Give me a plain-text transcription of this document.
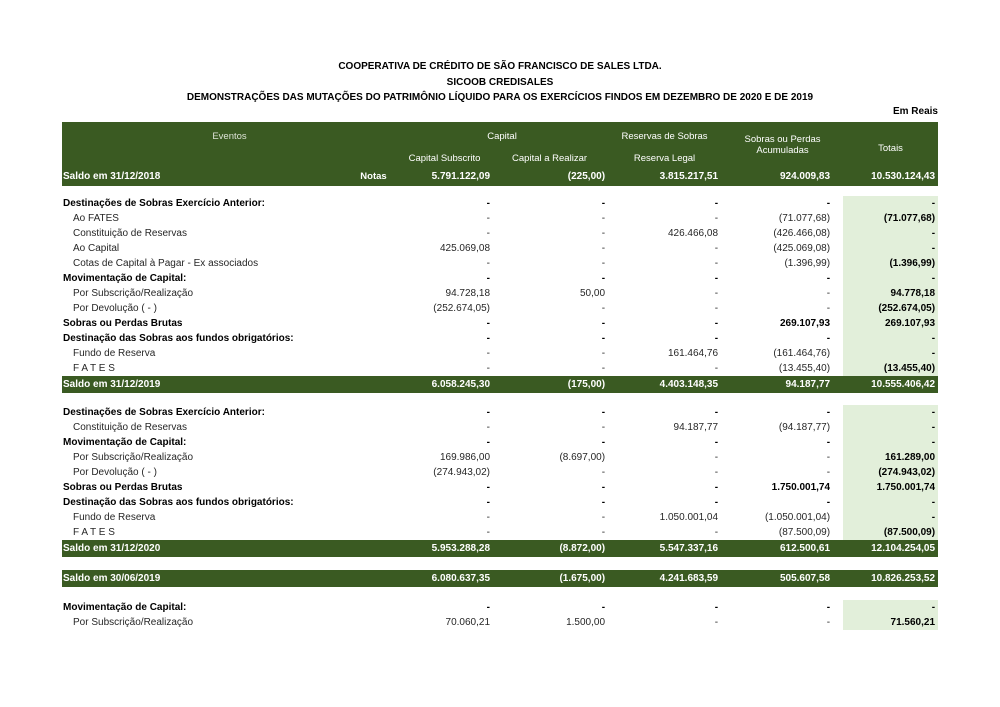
COOPERATIVA DE CRÉDITO DE SÃO FRANCISCO DE SALES LTDA.
SICOOB CREDISALES
DEMONSTRAÇÕES DAS MUTAÇÕES DO PATRIMÔNIO LÍQUIDO PARA OS EXERCÍCIOS FINDOS EM DEZEMBRO DE 2020 E DE 2019
Em Reais
Eventos		Capital		Reservas de Sobras	Sobras ou Perdas
Acumuladas	Totais
		Capital Subscrito	Capital a Realizar	Reserva Legal		
Saldo em 31/12/2018	Notas	5.791.122,09	(225,00)	3.815.217,51	924.009,83	10.530.124,43

Destinações de Sobras Exercício Anterior:		-	-	-	-	-
Ao FATES		-	-	-	(71.077,68)	(71.077,68)
Constituição de Reservas		-	-	426.466,08	(426.466,08)	-
Ao Capital		425.069,08	-	-	(425.069,08)	-
Cotas de Capital à Pagar - Ex associados		-	-	-	(1.396,99)	(1.396,99)
Movimentação de Capital:		-	-	-	-	-
Por Subscrição/Realização		94.728,18	50,00	-	-	94.778,18
Por Devolução ( - )		(252.674,05)	-	-	-	(252.674,05)
Sobras ou Perdas Brutas		-	-	-	269.107,93	269.107,93
Destinação das Sobras aos fundos obrigatórios:		-	-	-	-	-
Fundo de Reserva		-	-	161.464,76	(161.464,76)	-
F A T E S		-	-	-	(13.455,40)	(13.455,40)
Saldo em 31/12/2019		6.058.245,30	(175,00)	4.403.148,35	94.187,77	10.555.406,42

Destinações de Sobras Exercício Anterior:		-	-	-	-	-
Constituição de Reservas		-	-	94.187,77	(94.187,77)	-
Movimentação de Capital:		-	-	-	-	-
Por Subscrição/Realização		169.986,00	(8.697,00)	-	-	161.289,00
Por Devolução ( - )		(274.943,02)	-	-	-	(274.943,02)
Sobras ou Perdas Brutas		-	-	-	1.750.001,74	1.750.001,74
Destinação das Sobras aos fundos obrigatórios:		-	-	-	-	-
Fundo de Reserva		-	-	1.050.001,04	(1.050.001,04)	-
F A T E S		-	-	-	(87.500,09)	(87.500,09)
Saldo em 31/12/2020		5.953.288,28	(8.872,00)	5.547.337,16	612.500,61	12.104.254,05

Saldo em 30/06/2019		6.080.637,35	(1.675,00)	4.241.683,59	505.607,58	10.826.253,52

Movimentação de Capital:		-	-	-	-	-
Por Subscrição/Realização		70.060,21	1.500,00	-	-	71.560,21
